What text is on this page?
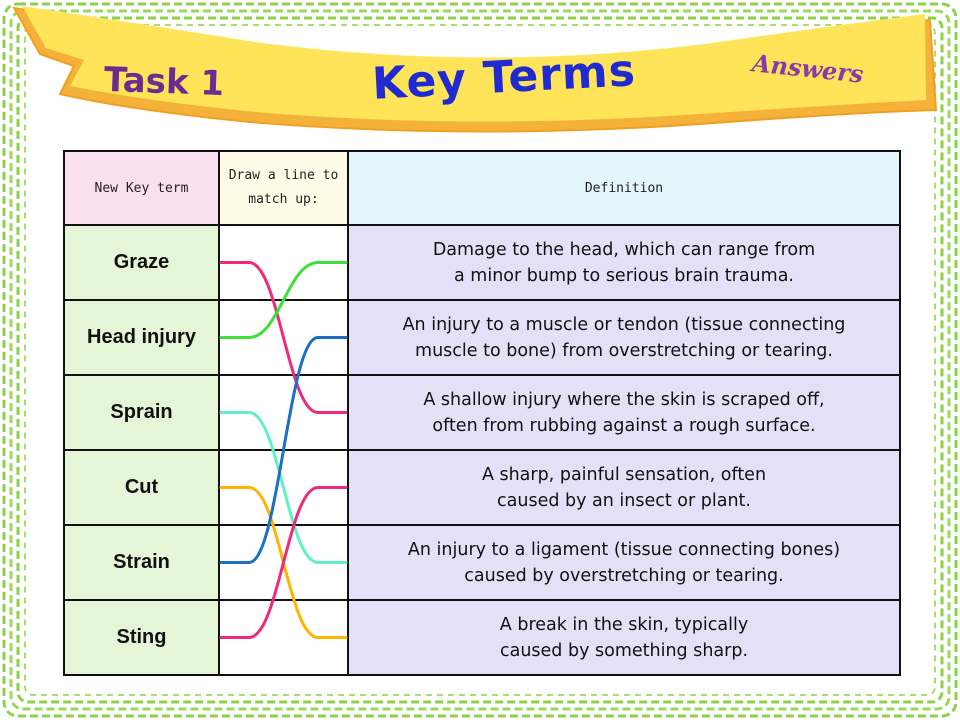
Task 1	Key Terms	Answers
New Key term	Draw a line to match up:	Definition
Graze		Damage to the head, which can range from
a minor bump to serious brain trauma.

Head injury		An injury to a muscle or tendon (tissue connecting
muscle to bone) from overstretching or tearing.

Sprain		A shallow injury where the skin is scraped off,
often from rubbing against a rough surface.

Cut		A sharp, painful sensation, often
caused by an insect or plant.

Strain		An injury to a ligament (tissue connecting bones)
caused by overstretching or tearing.

Sting		A break in the skin, typically
caused by something sharp.
